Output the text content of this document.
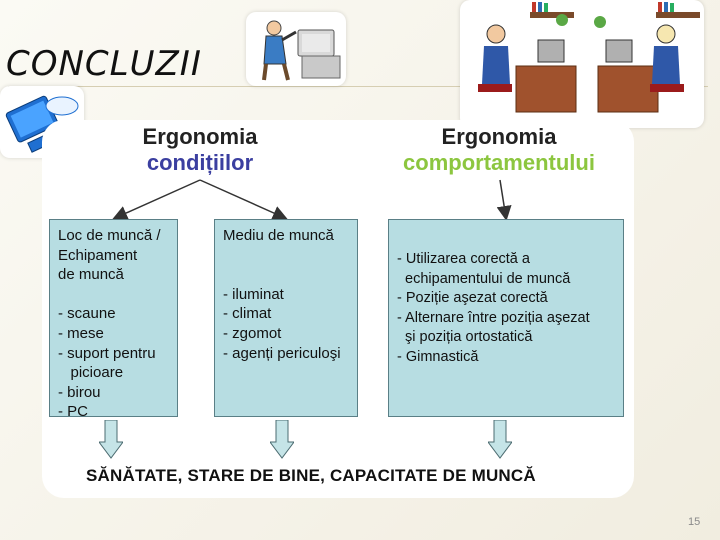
CONCLUZII
Ergonomia
condițiilor
Ergonomia
comportamentului
Loc de muncă /
Echipament
de muncă
- scaune
- mese
- suport pentru
picioare
- birou
- PC
Mediu de muncă
- iluminat
- climat
- zgomot
- agenți periculoşi
- Utilizarea corectă a
echipamentului de muncă
- Poziție aşezat corectă
- Alternare între poziția aşezat
şi poziția ortostatică
- Gimnastică
SĂNĂTATE, STARE DE BINE, CAPACITATE DE MUNCĂ
15
